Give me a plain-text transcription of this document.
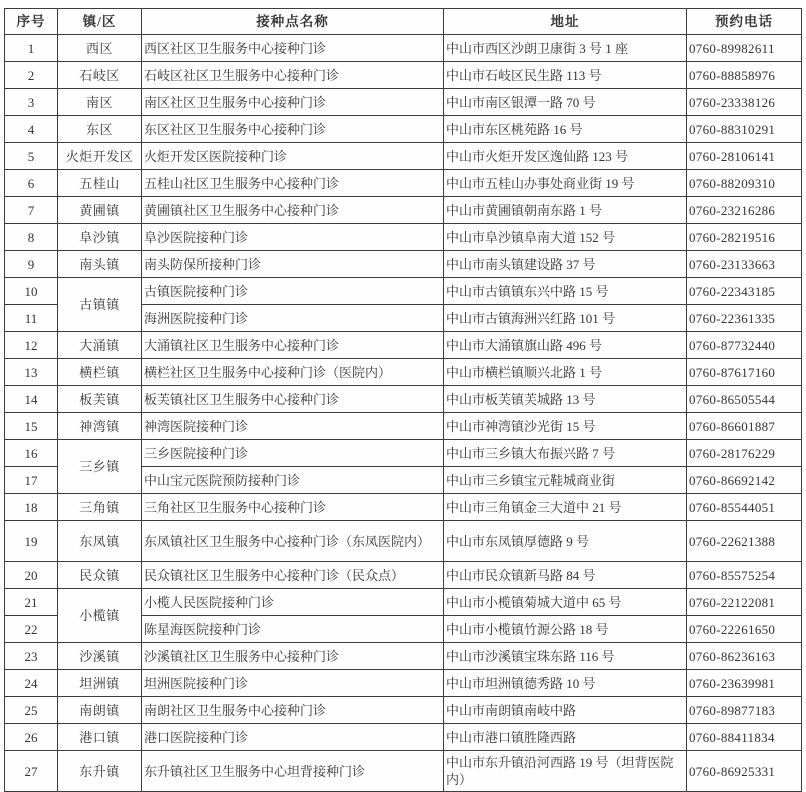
序号	镇/区	接种点名称	地址	预约电话
1	西区	西区社区卫生服务中心接种门诊	中山市西区沙朗卫康街 3 号 1 座	0760-89982611
2	石岐区	石岐区社区卫生服务中心接种门诊	中山市石岐区民生路 113 号	0760-88858976
3	南区	南区社区卫生服务中心接种门诊	中山市南区银潭一路 70 号	0760-23338126
4	东区	东区社区卫生服务中心接种门诊	中山市东区桃苑路 16 号	0760-88310291
5	火炬开发区	火炬开发区医院接种门诊	中山市火炬开发区逸仙路 123 号	0760-28106141
6	五桂山	五桂山社区卫生服务中心接种门诊	中山市五桂山办事处商业街 19 号	0760-88209310
7	黄圃镇	黄圃镇社区卫生服务中心接种门诊	中山市黄圃镇朝南东路 1 号	0760-23216286
8	阜沙镇	阜沙医院接种门诊	中山市阜沙镇阜南大道 152 号	0760-28219516
9	南头镇	南头防保所接种门诊	中山市南头镇建设路 37 号	0760-23133663
10	古镇镇	古镇医院接种门诊	中山市古镇镇东兴中路 15 号	0760-22343185
11		海洲医院接种门诊	中山市古镇海洲兴红路 101 号	0760-22361335
12	大涌镇	大涌镇社区卫生服务中心接种门诊	中山市大涌镇旗山路 496 号	0760-87732440
13	横栏镇	横栏社区卫生服务中心接种门诊（医院内）	中山市横栏镇顺兴北路 1 号	0760-87617160
14	板芙镇	板芙镇社区卫生服务中心接种门诊	中山市板芙镇芙城路 13 号	0760-86505544
15	神湾镇	神湾医院接种门诊	中山市神湾镇沙光街 15 号	0760-86601887
16	三乡镇	三乡医院接种门诊	中山市三乡镇大布振兴路 7 号	0760-28176229
17		中山宝元医院预防接种门诊	中山市三乡镇宝元鞋城商业街	0760-86692142
18	三角镇	三角社区卫生服务中心接种门诊	中山市三角镇金三大道中 21 号	0760-85544051
19	东凤镇	东凤镇社区卫生服务中心接种门诊（东凤医院内）	中山市东凤镇厚德路 9 号	0760-22621388
20	民众镇	民众镇社区卫生服务中心接种门诊（民众点）	中山市民众镇新马路 84 号	0760-85575254
21	小榄镇	小榄人民医院接种门诊	中山市小榄镇菊城大道中 65 号	0760-22122081
22		陈星海医院接种门诊	中山市小榄镇竹源公路 18 号	0760-22261650
23	沙溪镇	沙溪镇社区卫生服务中心接种门诊	中山市沙溪镇宝珠东路 116 号	0760-86236163
24	坦洲镇	坦洲医院接种门诊	中山市坦洲镇德秀路 10 号	0760-23639981
25	南朗镇	南朗社区卫生服务中心接种门诊	中山市南朗镇南岐中路	0760-89877183
26	港口镇	港口医院接种门诊	中山市港口镇胜隆西路	0760-88411834
27	东升镇	东升镇社区卫生服务中心坦背接种门诊	中山市东升镇沿河西路 19 号（坦背医院内）	0760-86925331
